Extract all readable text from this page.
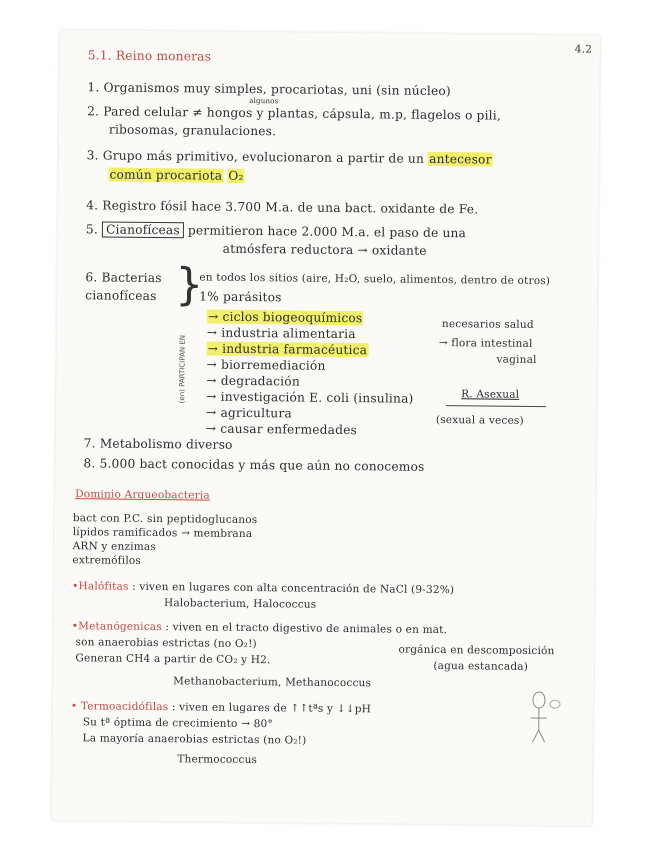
4.2
5.1. Reino moneras
1. Organismos muy simples, procariotas, uni (sin núcleo)
algunos
2. Pared celular ≠ hongos y plantas, cápsula, m.p, flagelos o pili,
ribosomas, granulaciones.
3. Grupo más primitivo, evolucionaron a partir de un antecesor
común procariota O₂
4. Registro fósil hace 3.700 M.a. de una bact. oxidante de Fe.
5. Cianofíceas permitieron hace 2.000 M.a. el paso de una
atmósfera reductora → oxidante
6. Bacterias
cianofíceas }
en todos los sitios (aire, H₂O, suelo, alimentos, dentro de otros)
1% parásitos
(en) PARTICIPAN EN
→ ciclos biogeoquímicos
→ industria alimentaria
→ industria farmacéutica
→ biorremediación
→ degradación
→ investigación E. coli (insulina)
→ agricultura
→ causar enfermedades
necesarios salud
→ flora intestinal
vaginal
R. Asexual
(sexual a veces)
7. Metabolismo diverso
8. 5.000 bact conocidas y más que aún no conocemos
Dominio Arqueobacteria
bact con P.C. sin peptidoglucanos
lípidos ramificados → membrana
ARN y enzimas
extremófilos
•Halófitas : viven en lugares con alta concentración de NaCl (9-32%)
Halobacterium, Halococcus
•Metanógenicas : viven en el tracto digestivo de animales o en mat.
son anaerobias estrictas (no O₂!)
orgánica en descomposición
Generan CH4 a partir de CO₂ y H2.
(agua estancada)
Methanobacterium, Methanococcus
• Termoacidófilas : viven en lugares de ↑↑tªs y ↓↓pH
Su tª óptima de crecimiento → 80°
La mayoría anaerobias estrictas (no O₂!)
Thermococcus
